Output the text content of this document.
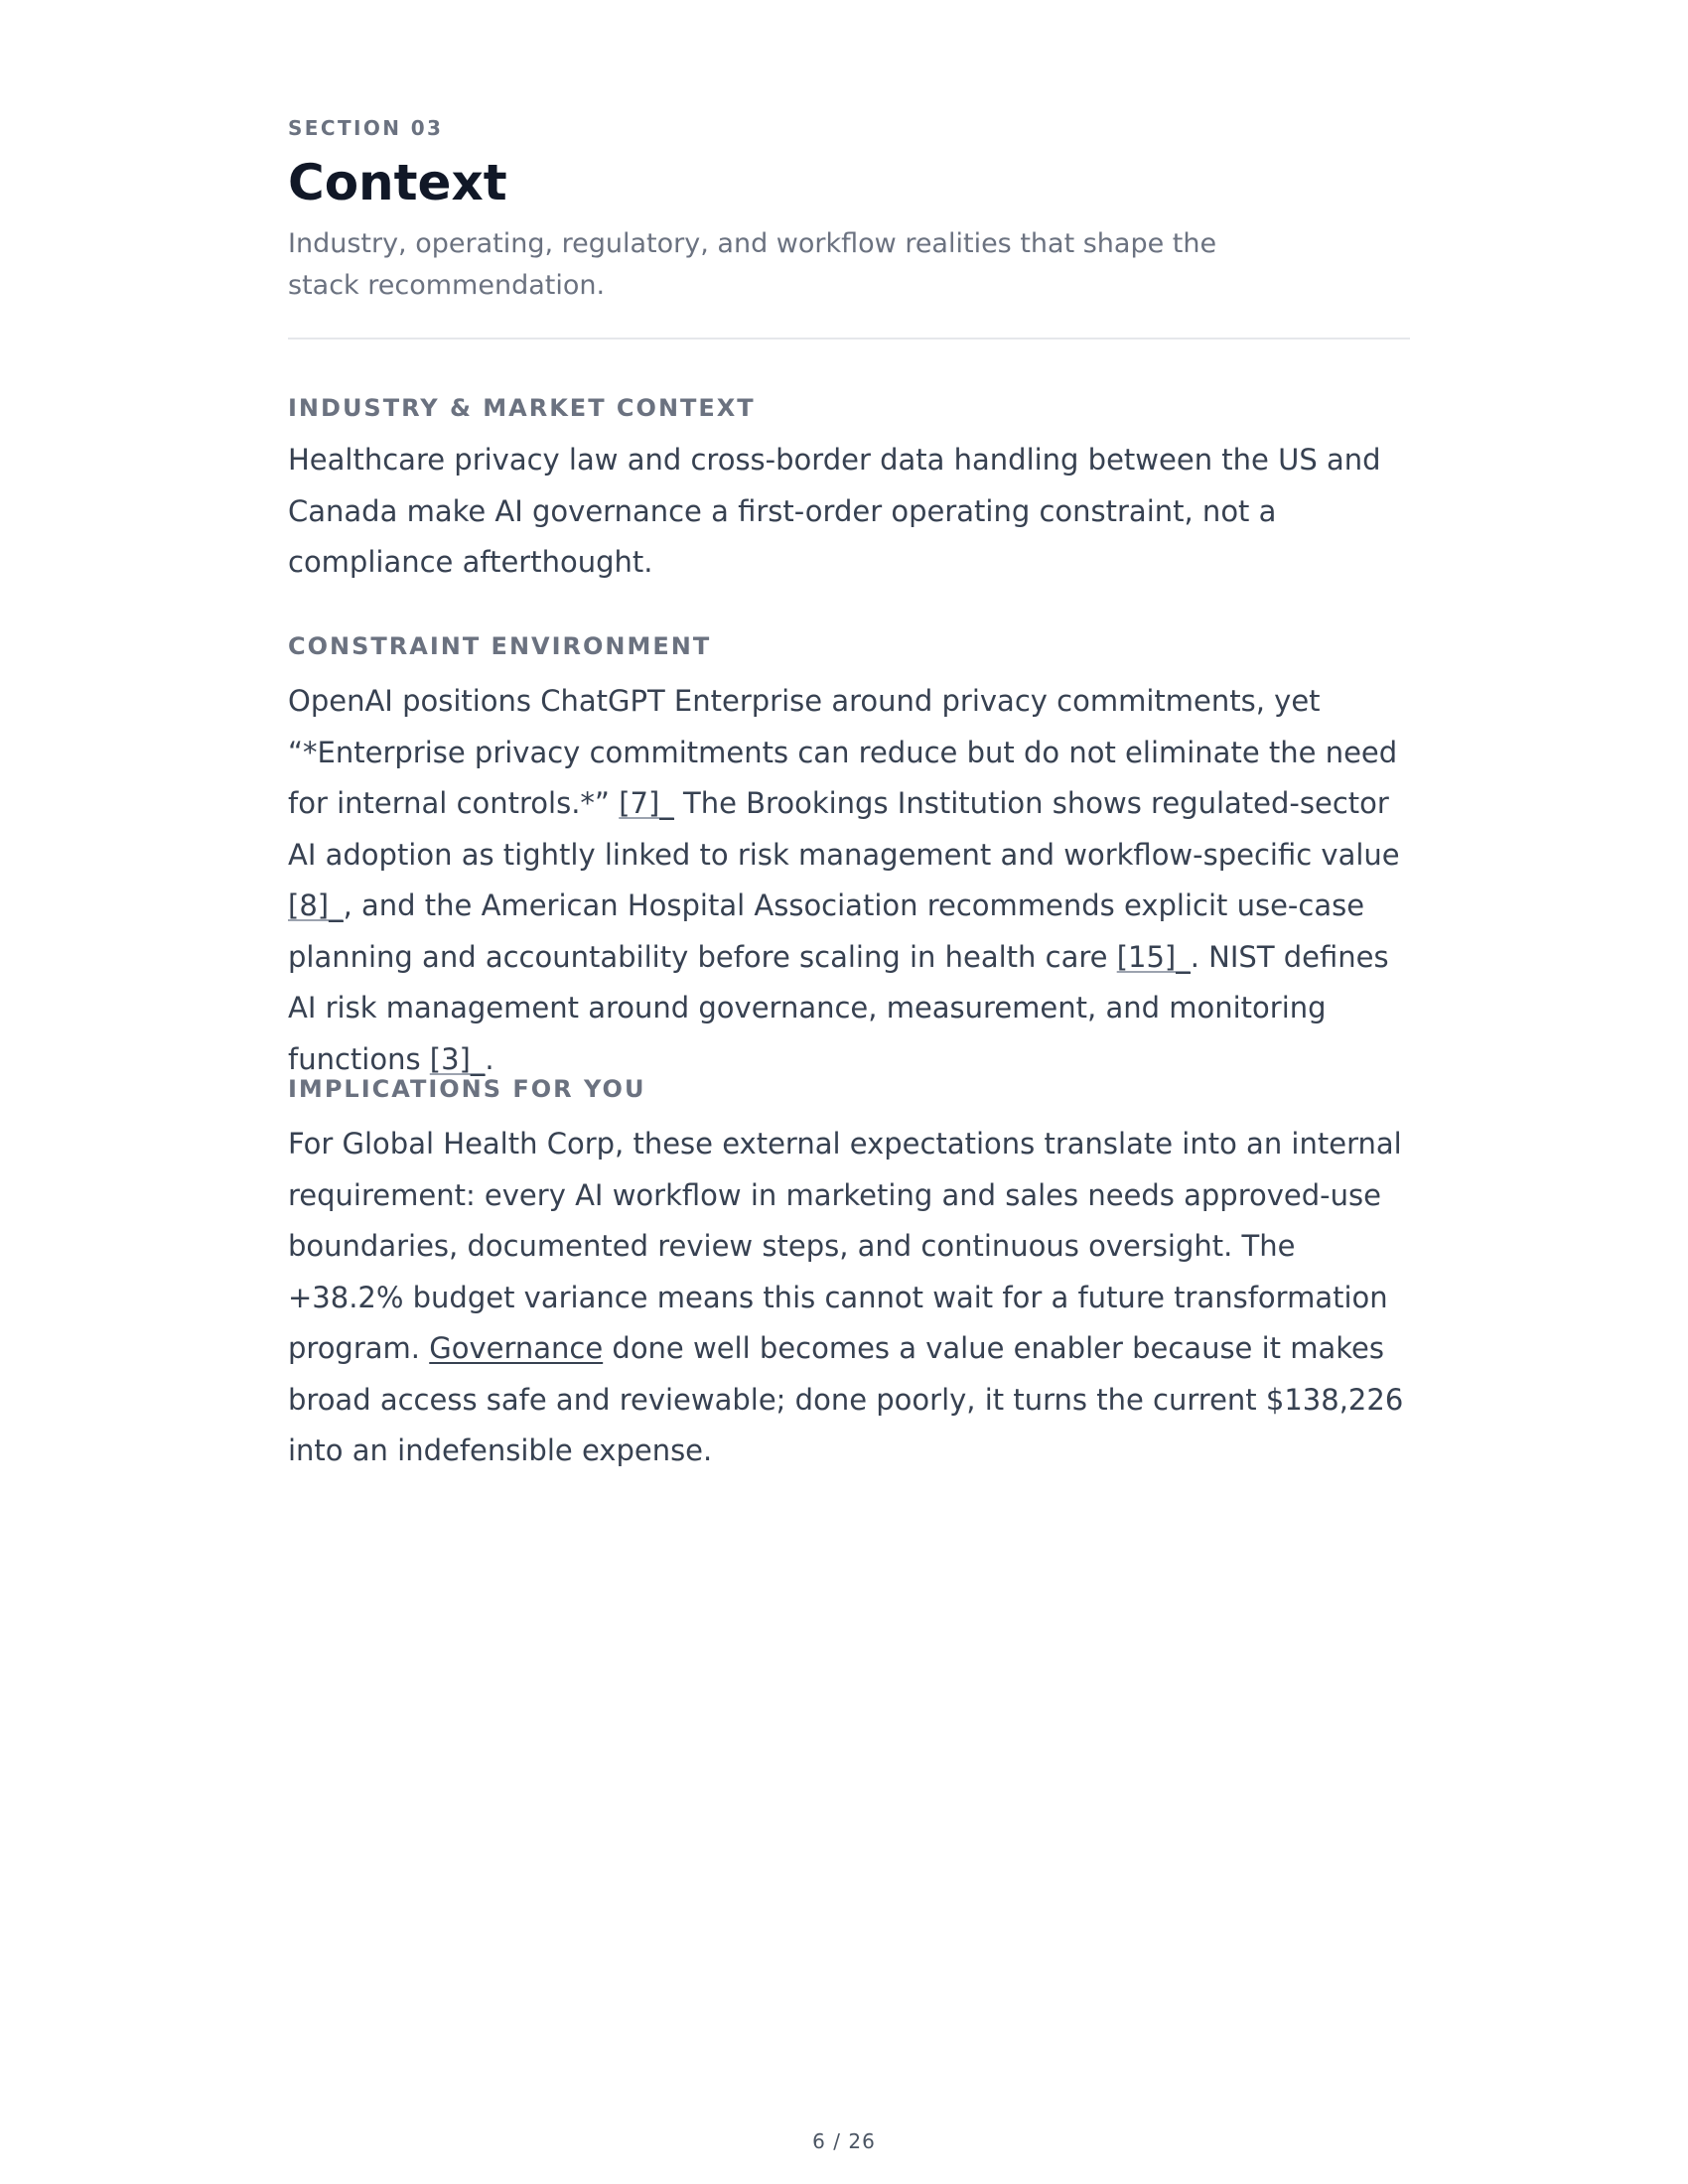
SECTION 03
Context

Industry, operating, regulatory, and workflow realities that shape the stack recommendation.

INDUSTRY & MARKET CONTEXT

Healthcare privacy law and cross-border data handling between the US and Canada make AI governance a first-order operating constraint, not a compliance afterthought.

CONSTRAINT ENVIRONMENT

OpenAI positions ChatGPT Enterprise around privacy commitments, yet “*Enterprise privacy commitments can reduce but do not eliminate the need for internal controls.*” [7]_ The Brookings Institution shows regulated-sector AI adoption as tightly linked to risk management and workflow-specific value [8]_, and the American Hospital Association recommends explicit use-case planning and accountability before scaling in health care [15]_. NIST defines AI risk management around governance, measurement, and monitoring functions [3]_.

IMPLICATIONS FOR YOU

For Global Health Corp, these external expectations translate into an internal requirement: every AI workflow in marketing and sales needs approved-use boundaries, documented review steps, and continuous oversight. The +38.2% budget variance means this cannot wait for a future transformation program. Governance done well becomes a value enabler because it makes broad access safe and reviewable; done poorly, it turns the current $138,226 into an indefensible expense.

6 / 26
